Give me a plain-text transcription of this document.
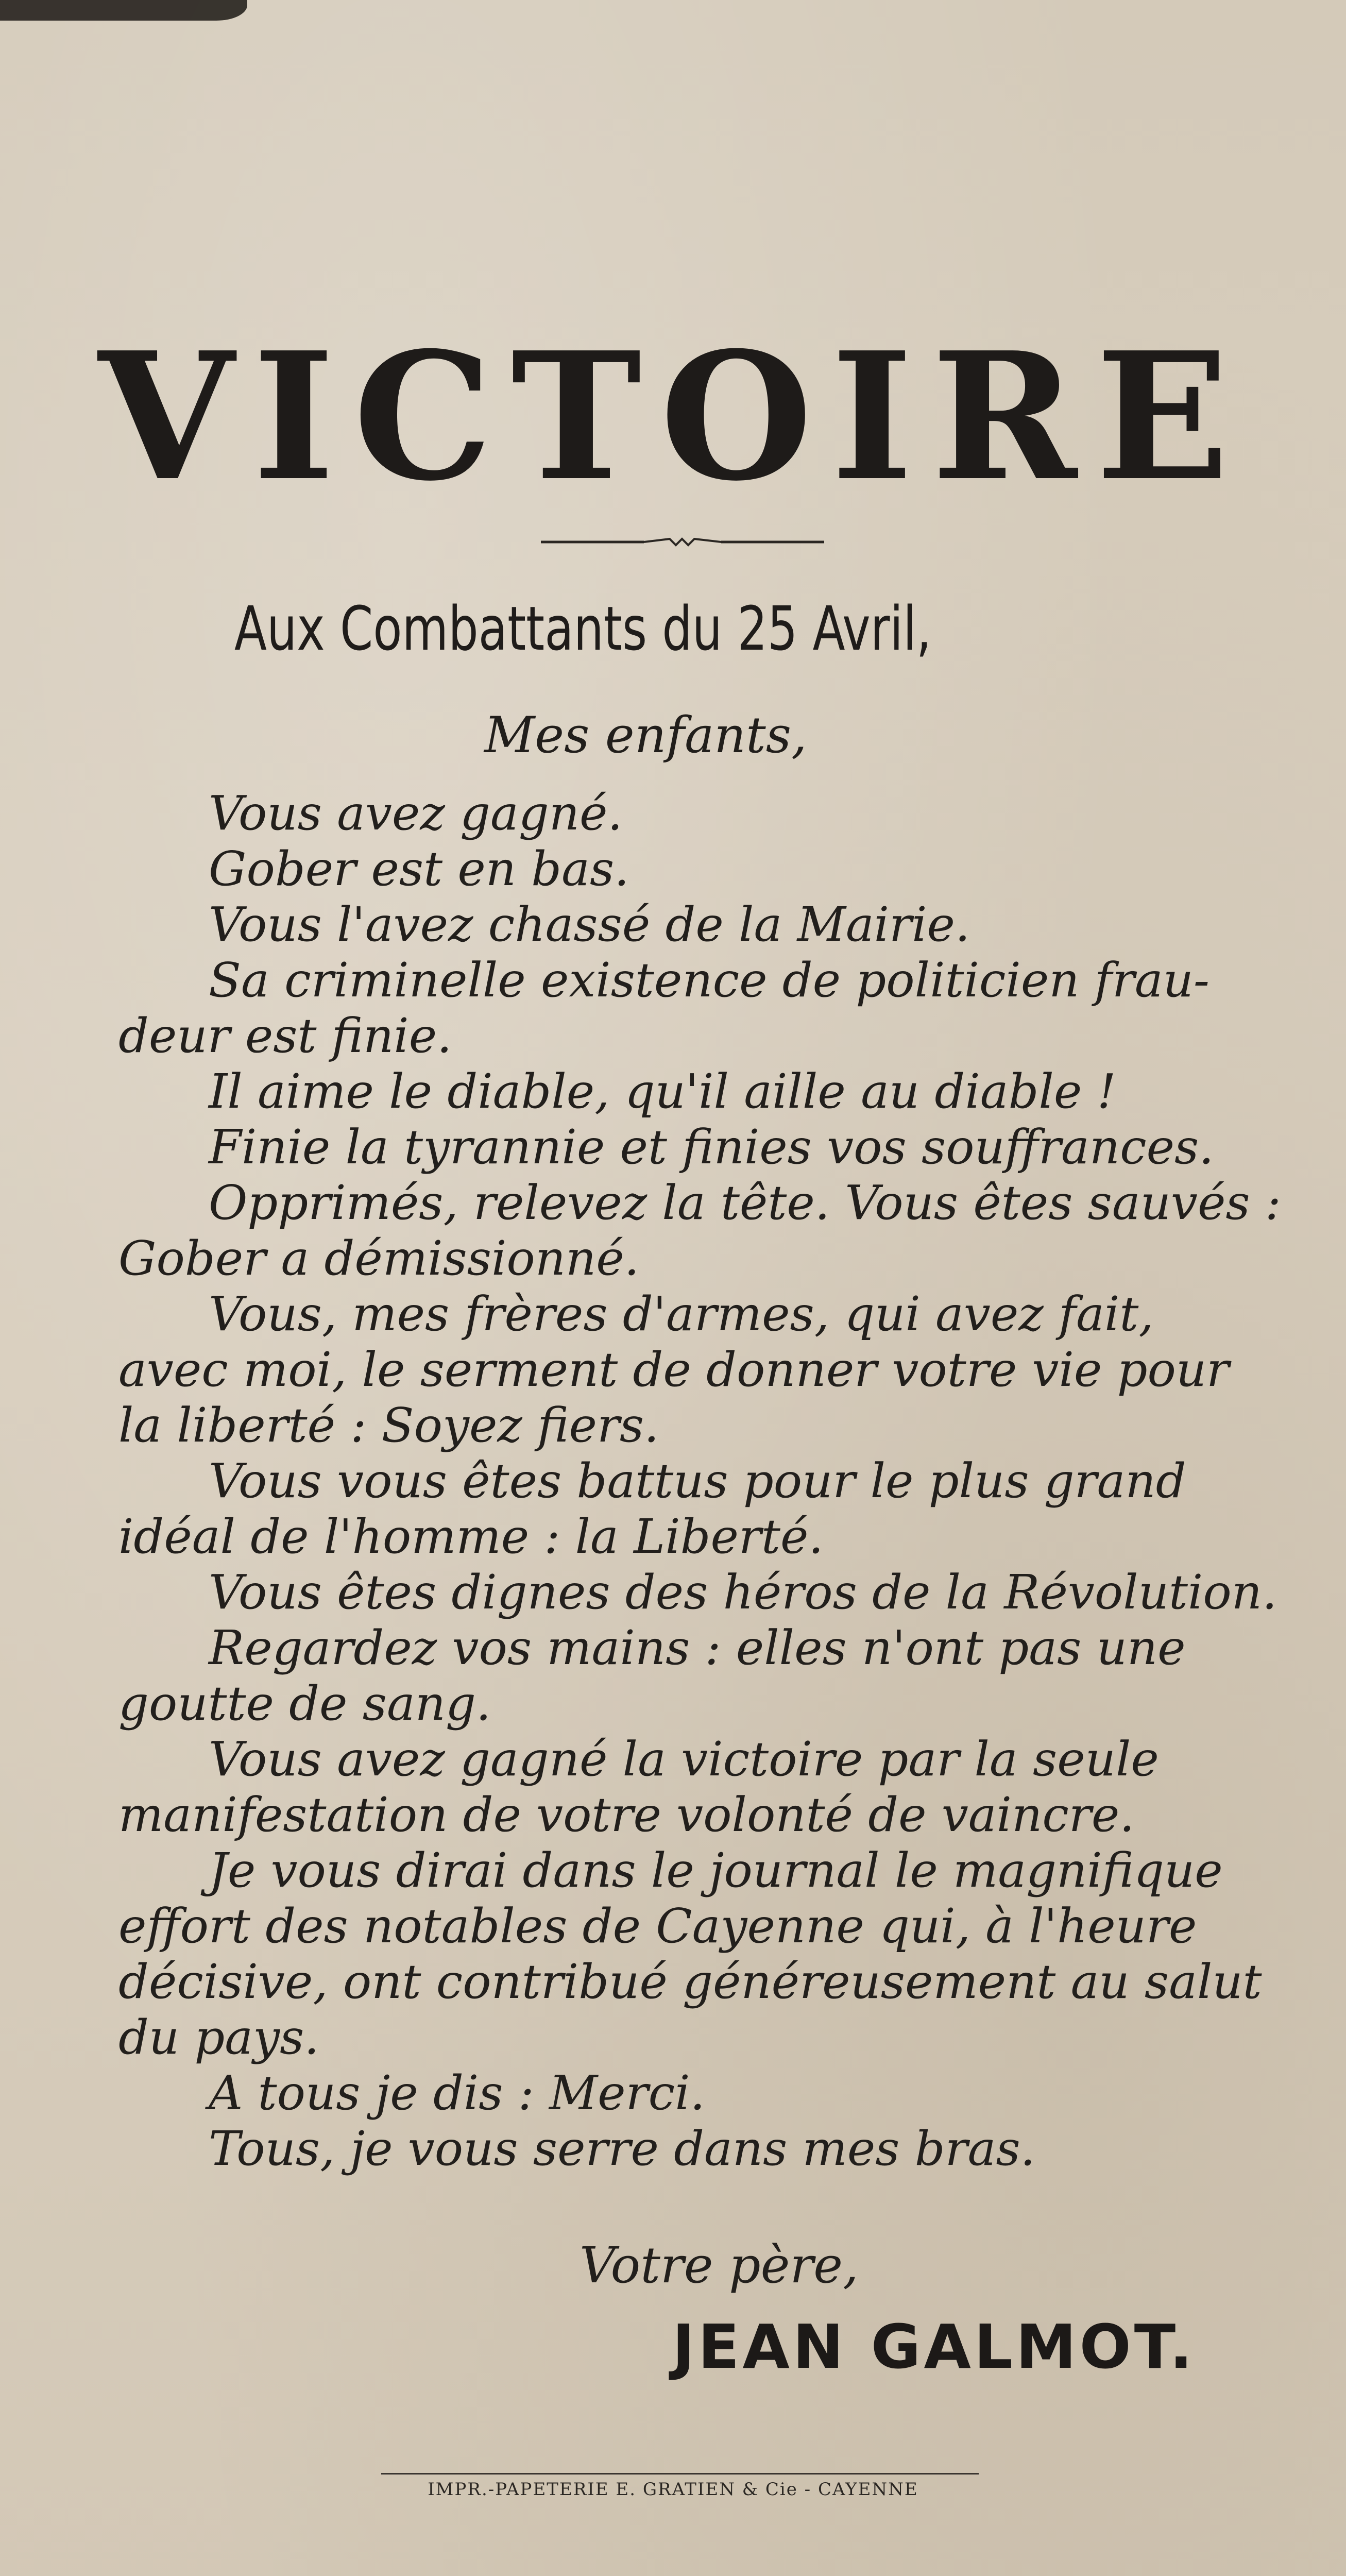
VICTOIRE
Aux Combattants du 25 Avril,
Mes enfants,
Vous avez gagné.
Gober est en bas.
Vous l'avez chassé de la Mairie.
Sa criminelle existence de politicien frau-
deur est finie.
Il aime le diable, qu'il aille au diable !
Finie la tyrannie et finies vos souffrances.
Opprimés, relevez la tête. Vous êtes sauvés :
Gober a démissionné.
Vous, mes frères d'armes, qui avez fait,
avec moi, le serment de donner votre vie pour
la liberté : Soyez fiers.
Vous vous êtes battus pour le plus grand
idéal de l'homme : la Liberté.
Vous êtes dignes des héros de la Révolution.
Regardez vos mains : elles n'ont pas une
goutte de sang.
Vous avez gagné la victoire par la seule
manifestation de votre volonté de vaincre.
Je vous dirai dans le journal le magnifique
effort des notables de Cayenne qui, à l'heure
décisive, ont contribué généreusement au salut
du pays.
A tous je dis : Merci.
Tous, je vous serre dans mes bras.
Votre père,
JEAN GALMOT.
IMPR.-PAPETERIE E. GRATIEN & Cie - CAYENNE
